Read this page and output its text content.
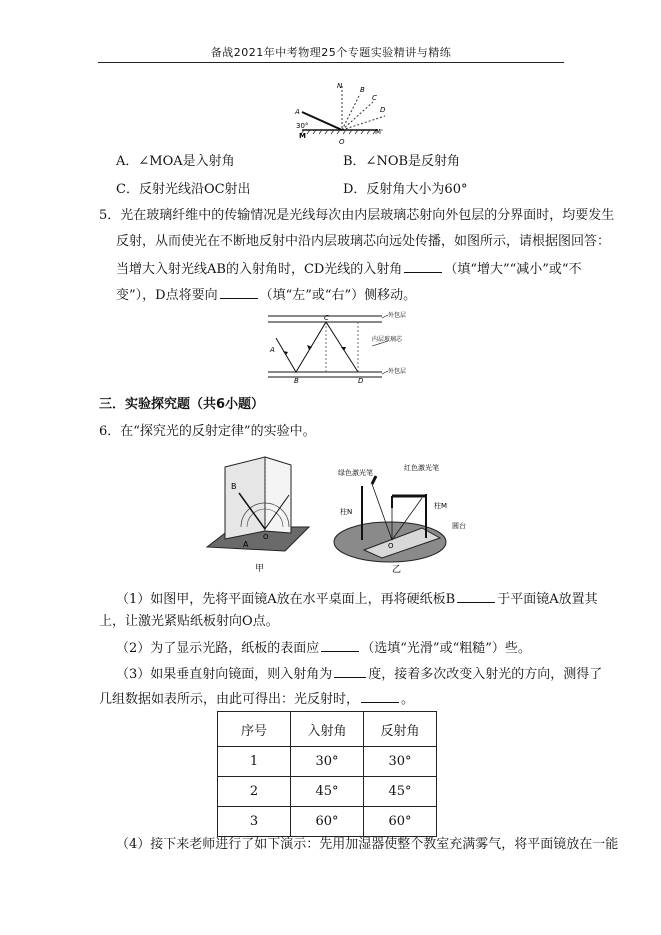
备战2021年中考物理25个专题实验精讲与精练
N	B
C
D
A
30°
M	M'
O
A．∠MOA是入射角	B．∠NOB是反射角
C．反射光线沿OC射出	D．反射角大小为60°
5．光在玻璃纤维中的传输情况是光线每次由内层玻璃芯射向外包层的分界面时，均要发生
反射，从而使光在不断地反射中沿内层玻璃芯向远处传播，如图所示，请根据图回答：
当增大入射光线AB的入射角时，CD光线的入射角	（填“增大”“减小”或“不
变”），D点将要向	（填“左”或“右”）侧移动。
C
A
B	D
外包层
内层玻璃芯
外包层
三．实验探究题（共6小题）
6．在“探究光的反射定律”的实验中。
B
A
O
甲
绿色激光笔
红色激光笔
柱N
柱M
圆台
O
乙
（1）如图甲，先将平面镜A放在水平桌面上，再将硬纸板B	于平面镜A放置其
上，让激光紧贴纸板射向O点。
（2）为了显示光路，纸板的表面应	（选填“光滑”或“粗糙”）些。
（3）如果垂直射向镜面，则入射角为	度，接着多次改变入射光的方向，测得了
几组数据如表所示，由此可得出：光反射时，	。
序号	入射角	反射角
1	30°	30°
2	45°	45°
3	60°	60°
（4）接下来老师进行了如下演示：先用加湿器使整个教室充满雾气，将平面镜放在一能
